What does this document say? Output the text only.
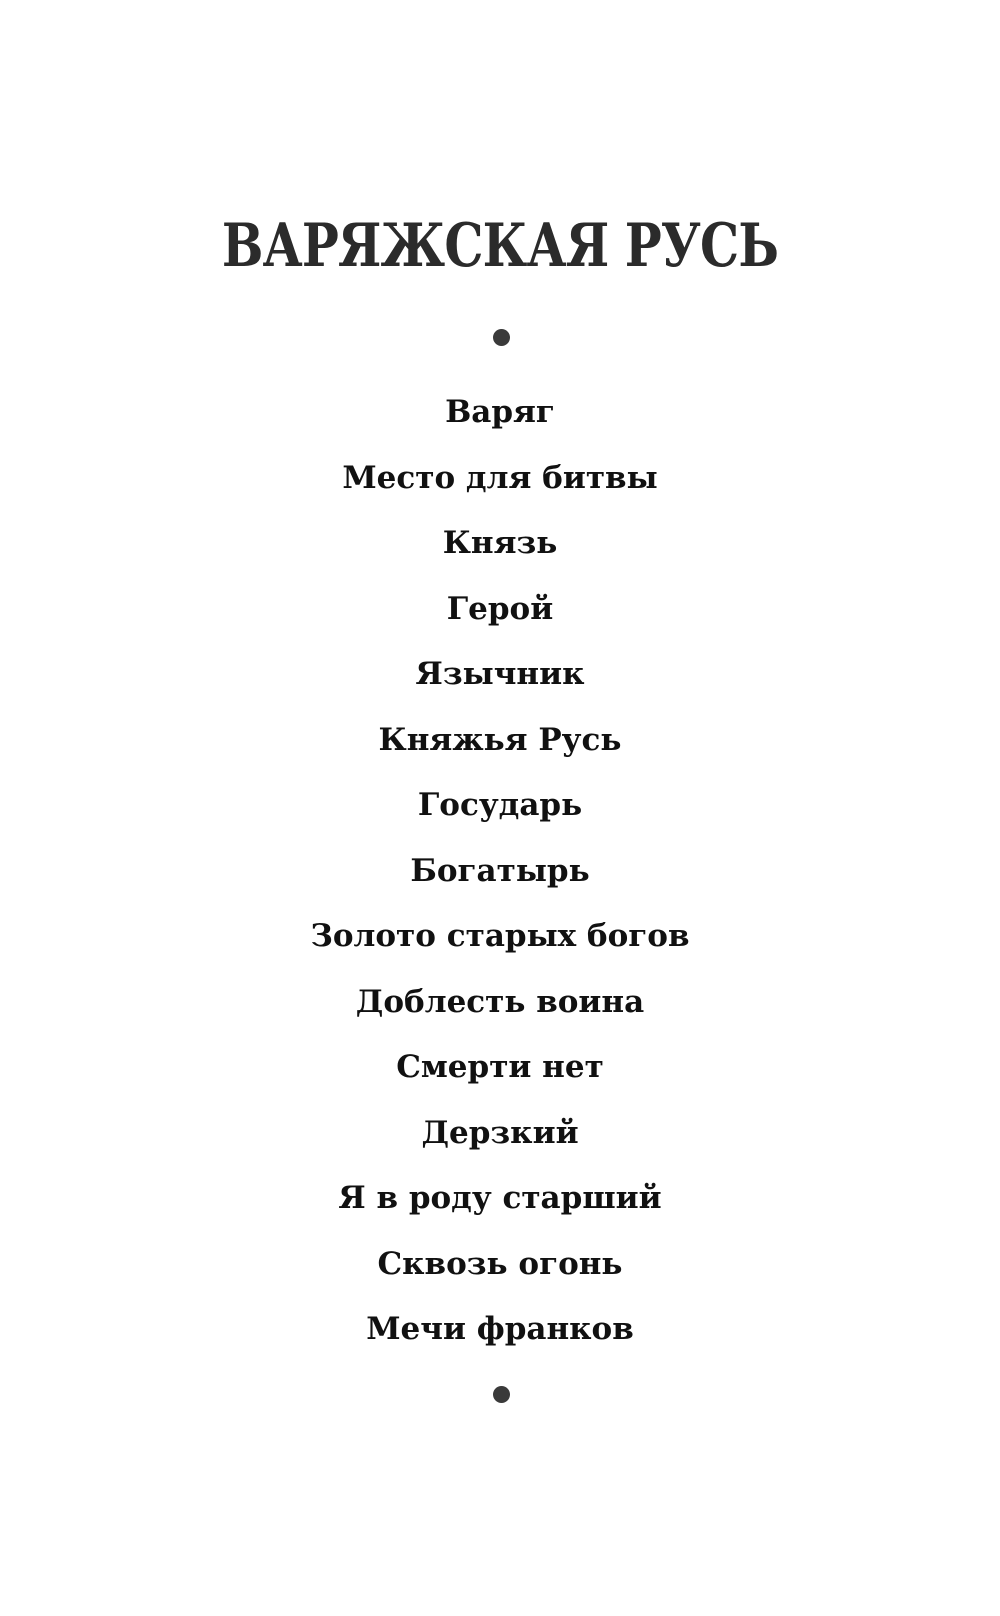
ВАРЯЖСКАЯ РУСЬ
Варяг
Место для битвы
Князь
Герой
Язычник
Княжья Русь
Государь
Богатырь
Золото старых богов
Доблесть воина
Смерти нет
Дерзкий
Я в роду старший
Сквозь огонь
Мечи франков
